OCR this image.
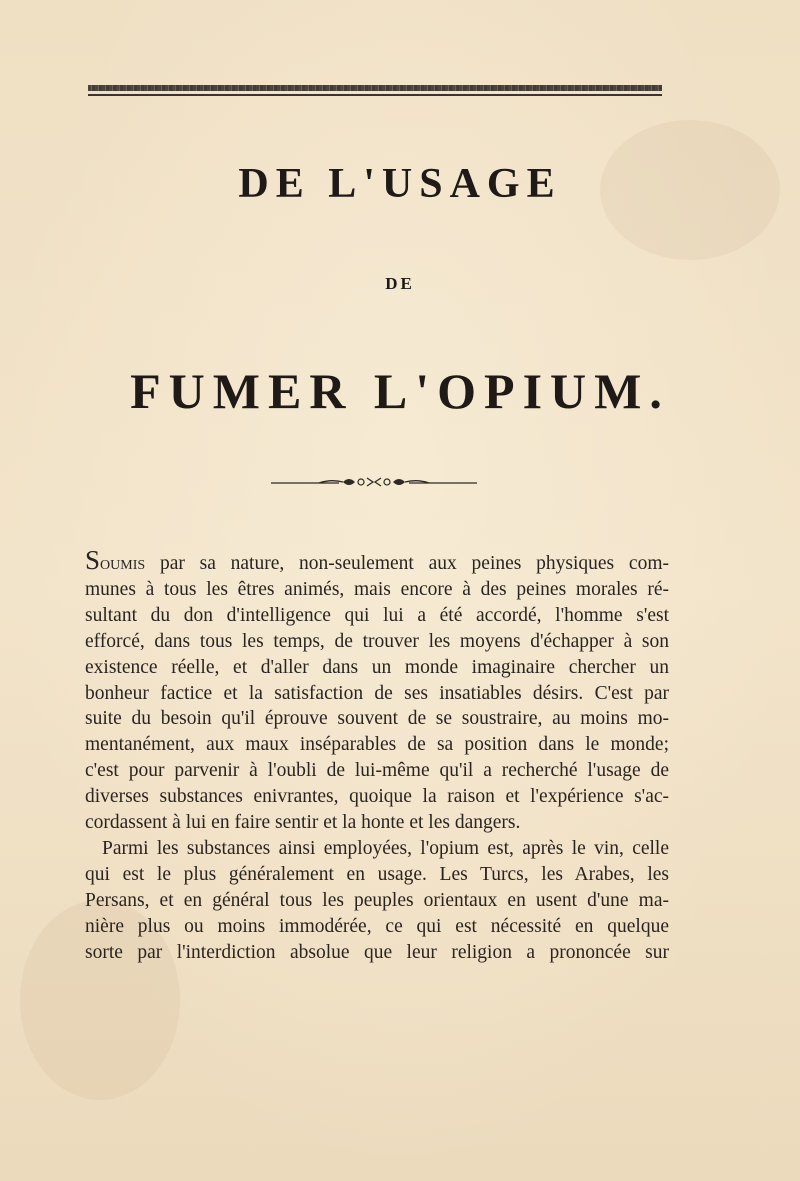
DE L'USAGE
DE
FUMER L'OPIUM.

Soumis par sa nature, non-seulement aux peines physiques com-
munes à tous les êtres animés, mais encore à des peines morales ré-
sultant du don d'intelligence qui lui a été accordé, l'homme s'est
efforcé, dans tous les temps, de trouver les moyens d'échapper à son
existence réelle, et d'aller dans un monde imaginaire chercher un
bonheur factice et la satisfaction de ses insatiables désirs. C'est par
suite du besoin qu'il éprouve souvent de se soustraire, au moins mo-
mentanément, aux maux inséparables de sa position dans le monde;
c'est pour parvenir à l'oubli de lui-même qu'il a recherché l'usage de
diverses substances enivrantes, quoique la raison et l'expérience s'ac-
cordassent à lui en faire sentir et la honte et les dangers.

Parmi les substances ainsi employées, l'opium est, après le vin, celle
qui est le plus généralement en usage. Les Turcs, les Arabes, les
Persans, et en général tous les peuples orientaux en usent d'une ma-
nière plus ou moins immodérée, ce qui est nécessité en quelque
sorte par l'interdiction absolue que leur religion a prononcée sur
